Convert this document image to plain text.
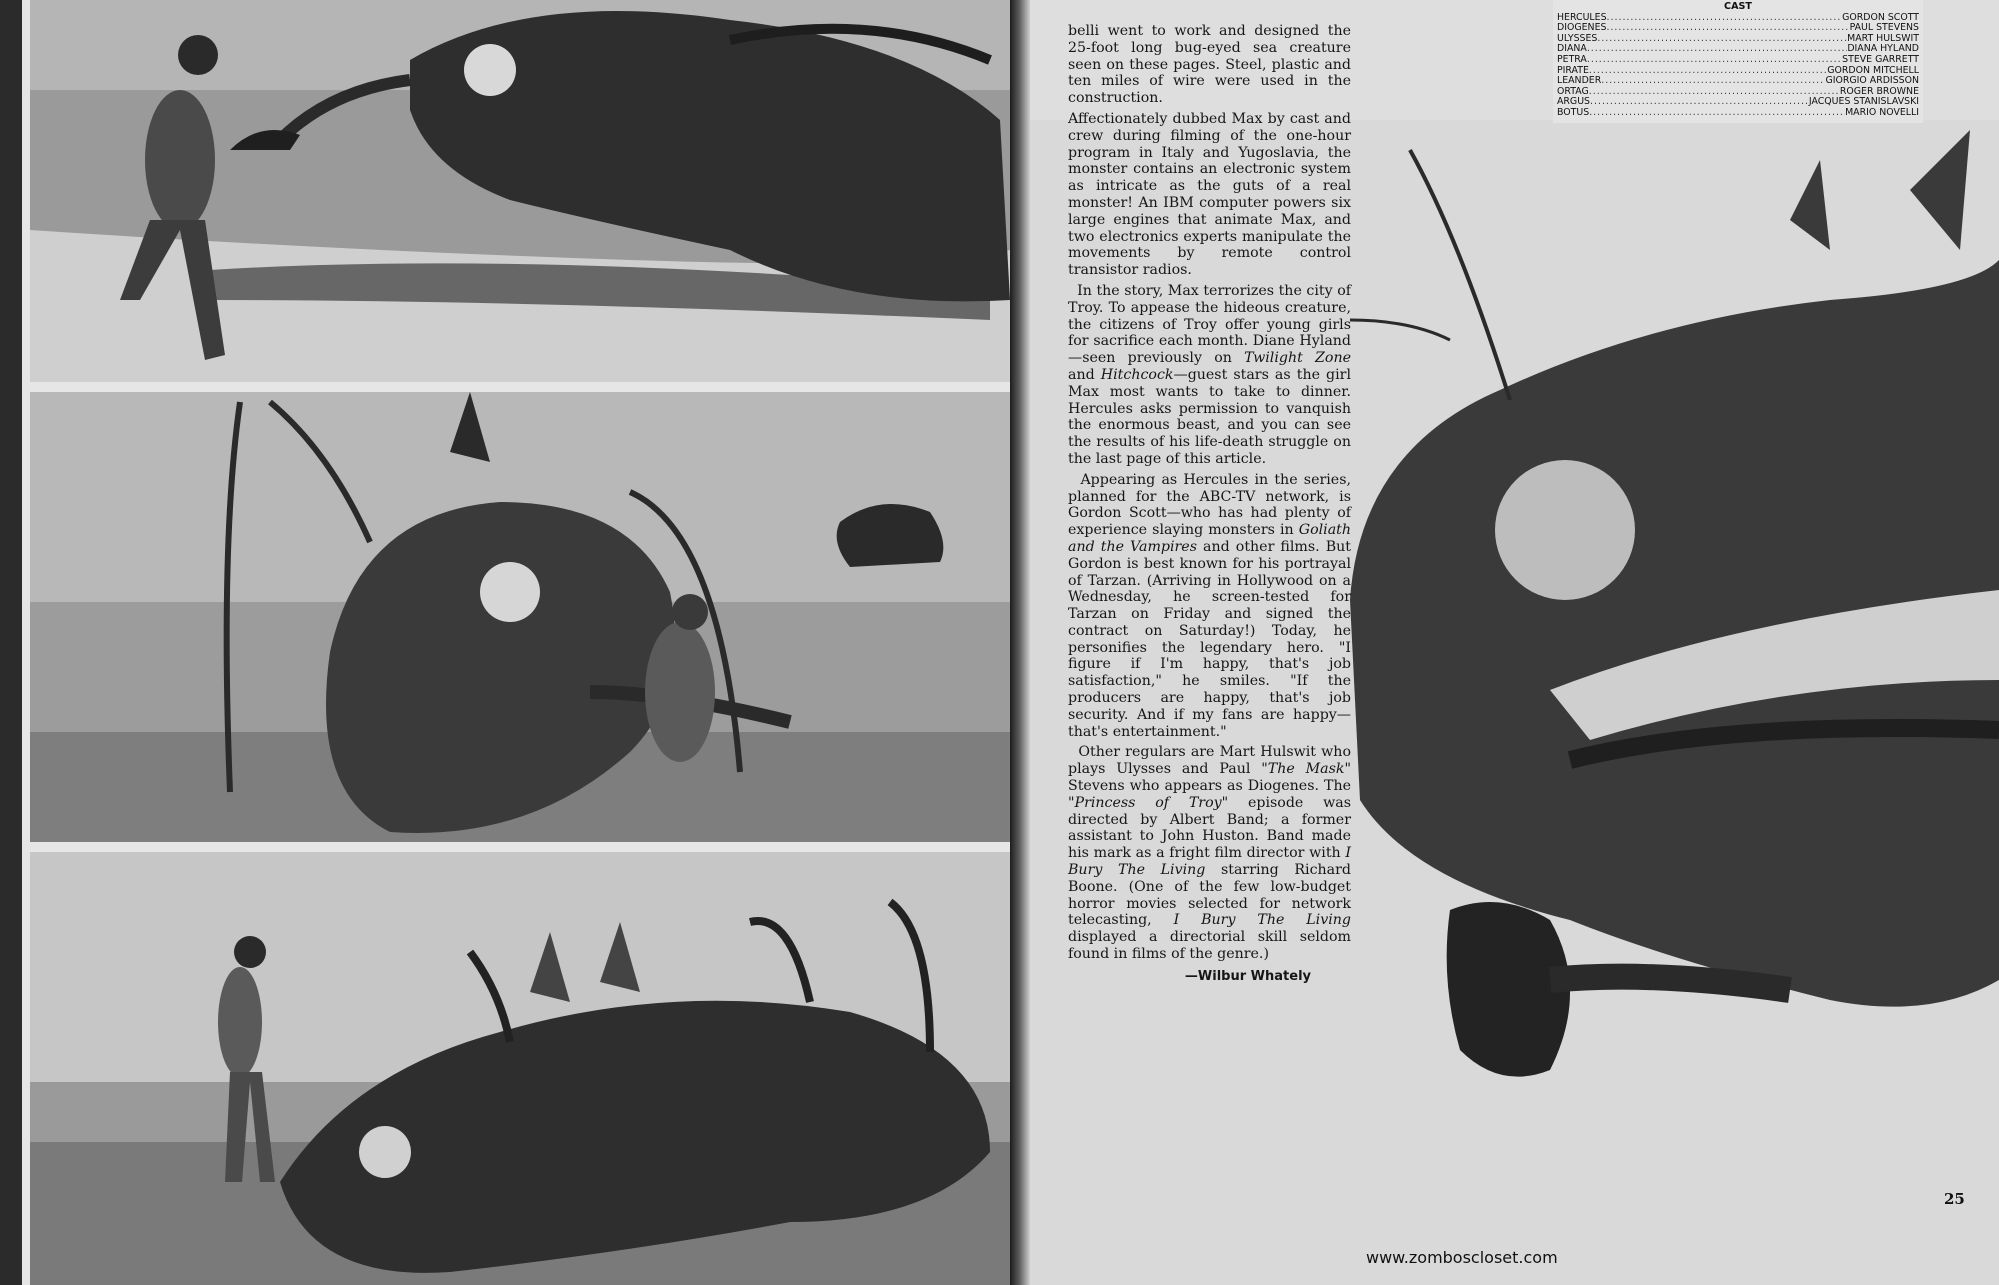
belli went to work and designed the 25-foot long bug-eyed sea creature seen on these pages. Steel, plastic and ten miles of wire were used in the construction.

Affectionately dubbed Max by cast and crew during filming of the one-hour program in Italy and Yugoslavia, the monster contains an electronic system as intricate as the guts of a real monster! An IBM computer powers six large engines that animate Max, and two electronics experts manipulate the movements by remote control transistor radios.

In the story, Max terrorizes the city of Troy. To appease the hideous creature, the citizens of Troy offer young girls for sacrifice each month. Diane Hyland—seen previously on Twilight Zone and Hitchcock—guest stars as the girl Max most wants to take to dinner. Hercules asks permission to vanquish the enormous beast, and you can see the results of his life-death struggle on the last page of this article.

Appearing as Hercules in the series, planned for the ABC-TV network, is Gordon Scott—who has had plenty of experience slaying monsters in Goliath and the Vampires and other films. But Gordon is best known for his portrayal of Tarzan. (Arriving in Hollywood on a Wednesday, he screen-tested for Tarzan on Friday and signed the contract on Saturday!) Today, he personifies the legendary hero. "I figure if I'm happy, that's job satisfaction," he smiles. "If the producers are happy, that's job security. And if my fans are happy—that's entertainment."

Other regulars are Mart Hulswit who plays Ulysses and Paul "The Mask" Stevens who appears as Diogenes. The "Princess of Troy" episode was directed by Albert Band; a former assistant to John Huston. Band made his mark as a fright film director with I Bury The Living starring Richard Boone. (One of the few low-budget horror movies selected for network telecasting, I Bury The Living displayed a directorial skill seldom found in films of the genre.)

—Wilbur Whately
CAST
HERCULES .....	GORDON SCOTT
DIOGENES .....	PAUL STEVENS
ULYSSES .....	MART HULSWIT
DIANA .....	DIANA HYLAND
PETRA .....	STEVE GARRETT
PIRATE .....	GORDON MITCHELL
LEANDER .....	GIORGIO ARDISSON
ORTAG .....	ROGER BROWNE
ARGUS .....	JACQUES STANISLAVSKI
BOTUS .....	MARIO NOVELLI
25
www.zomboscloset.com
